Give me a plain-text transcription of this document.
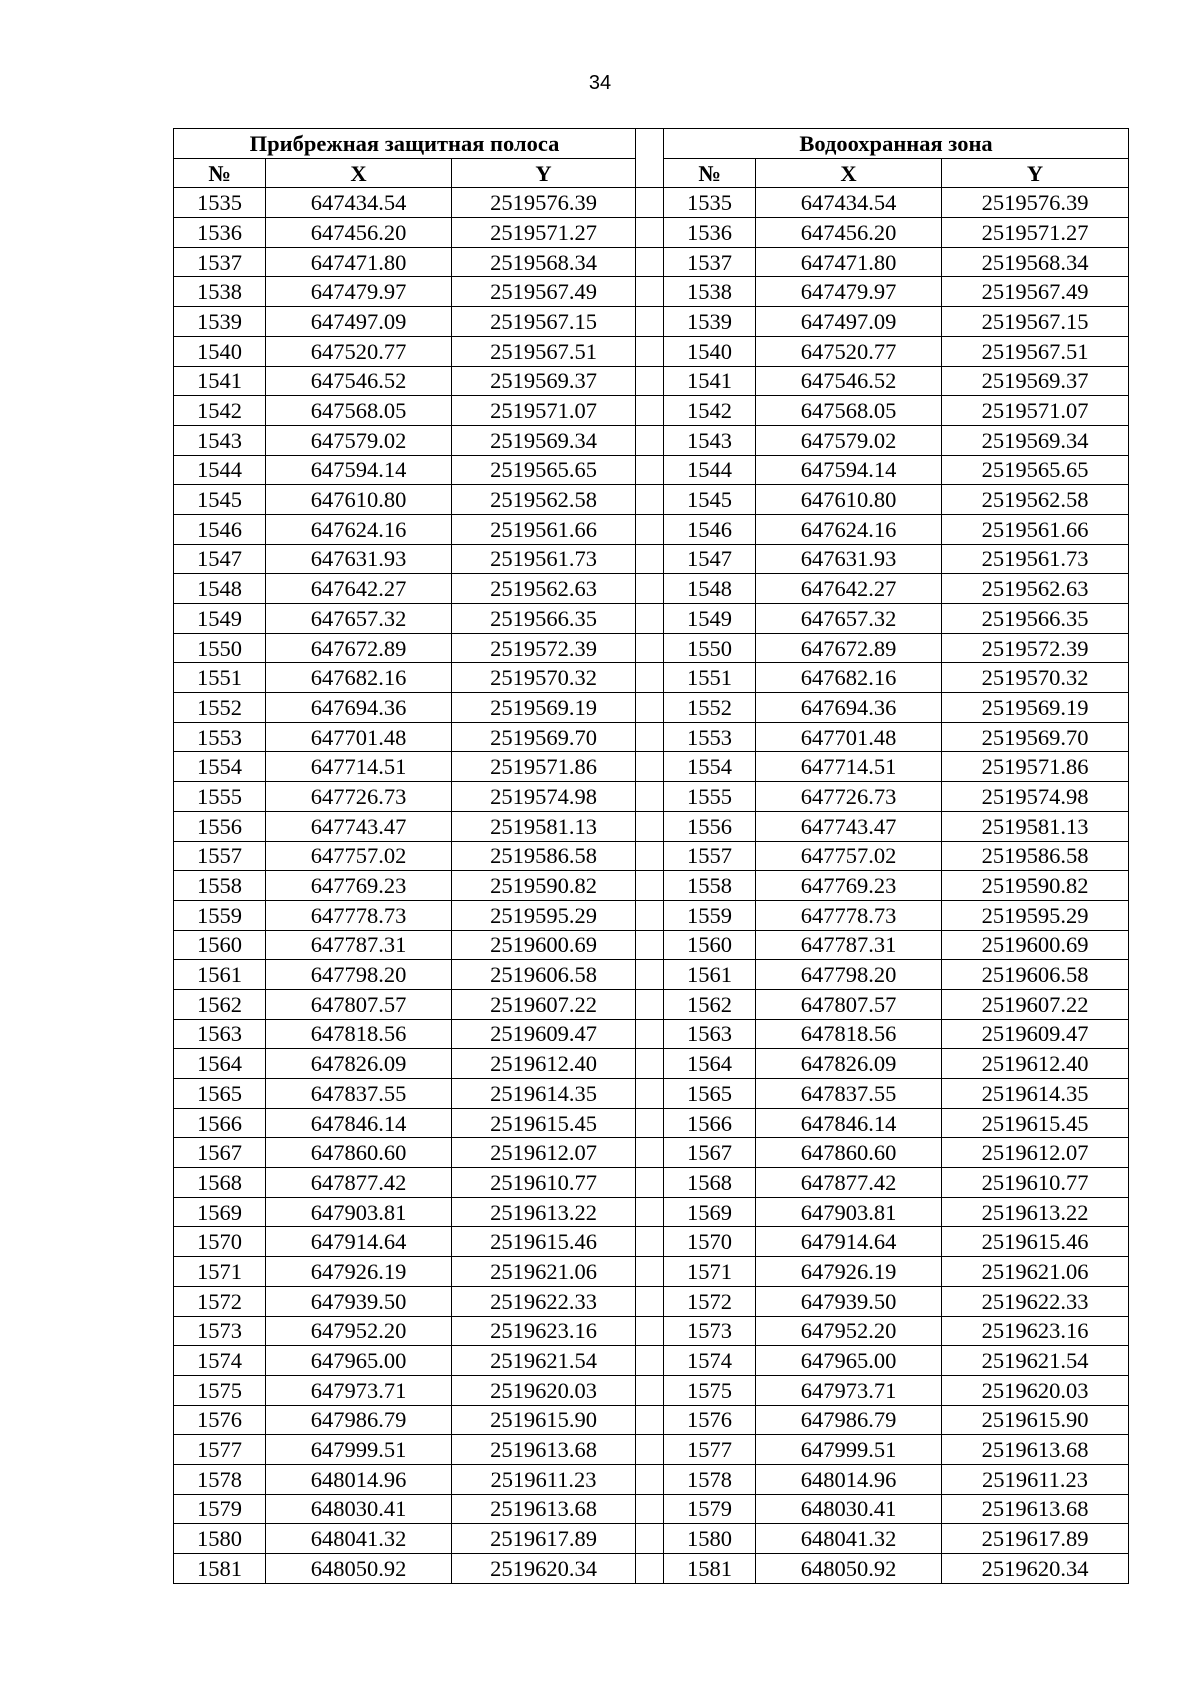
34
Прибрежная защитная полоса				Водоохранная зона		
№	X	Y		№	X	Y
1535	647434.54	2519576.39		1535	647434.54	2519576.39
1536	647456.20	2519571.27		1536	647456.20	2519571.27
1537	647471.80	2519568.34		1537	647471.80	2519568.34
1538	647479.97	2519567.49		1538	647479.97	2519567.49
1539	647497.09	2519567.15		1539	647497.09	2519567.15
1540	647520.77	2519567.51		1540	647520.77	2519567.51
1541	647546.52	2519569.37		1541	647546.52	2519569.37
1542	647568.05	2519571.07		1542	647568.05	2519571.07
1543	647579.02	2519569.34		1543	647579.02	2519569.34
1544	647594.14	2519565.65		1544	647594.14	2519565.65
1545	647610.80	2519562.58		1545	647610.80	2519562.58
1546	647624.16	2519561.66		1546	647624.16	2519561.66
1547	647631.93	2519561.73		1547	647631.93	2519561.73
1548	647642.27	2519562.63		1548	647642.27	2519562.63
1549	647657.32	2519566.35		1549	647657.32	2519566.35
1550	647672.89	2519572.39		1550	647672.89	2519572.39
1551	647682.16	2519570.32		1551	647682.16	2519570.32
1552	647694.36	2519569.19		1552	647694.36	2519569.19
1553	647701.48	2519569.70		1553	647701.48	2519569.70
1554	647714.51	2519571.86		1554	647714.51	2519571.86
1555	647726.73	2519574.98		1555	647726.73	2519574.98
1556	647743.47	2519581.13		1556	647743.47	2519581.13
1557	647757.02	2519586.58		1557	647757.02	2519586.58
1558	647769.23	2519590.82		1558	647769.23	2519590.82
1559	647778.73	2519595.29		1559	647778.73	2519595.29
1560	647787.31	2519600.69		1560	647787.31	2519600.69
1561	647798.20	2519606.58		1561	647798.20	2519606.58
1562	647807.57	2519607.22		1562	647807.57	2519607.22
1563	647818.56	2519609.47		1563	647818.56	2519609.47
1564	647826.09	2519612.40		1564	647826.09	2519612.40
1565	647837.55	2519614.35		1565	647837.55	2519614.35
1566	647846.14	2519615.45		1566	647846.14	2519615.45
1567	647860.60	2519612.07		1567	647860.60	2519612.07
1568	647877.42	2519610.77		1568	647877.42	2519610.77
1569	647903.81	2519613.22		1569	647903.81	2519613.22
1570	647914.64	2519615.46		1570	647914.64	2519615.46
1571	647926.19	2519621.06		1571	647926.19	2519621.06
1572	647939.50	2519622.33		1572	647939.50	2519622.33
1573	647952.20	2519623.16		1573	647952.20	2519623.16
1574	647965.00	2519621.54		1574	647965.00	2519621.54
1575	647973.71	2519620.03		1575	647973.71	2519620.03
1576	647986.79	2519615.90		1576	647986.79	2519615.90
1577	647999.51	2519613.68		1577	647999.51	2519613.68
1578	648014.96	2519611.23		1578	648014.96	2519611.23
1579	648030.41	2519613.68		1579	648030.41	2519613.68
1580	648041.32	2519617.89		1580	648041.32	2519617.89
1581	648050.92	2519620.34		1581	648050.92	2519620.34
